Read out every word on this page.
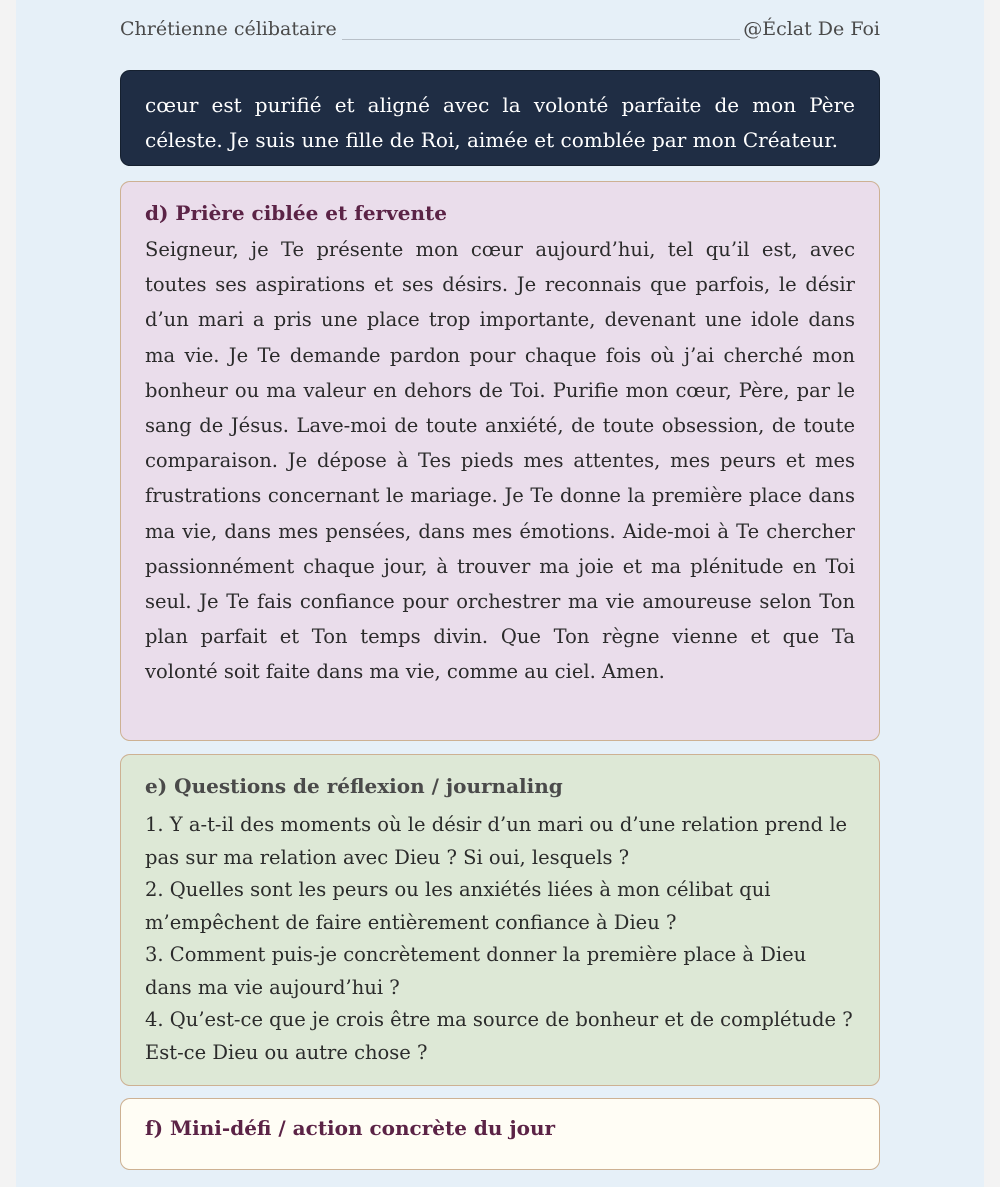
Chrétienne célibataire	@Éclat De Foi
cœur est purifié et aligné avec la volonté parfaite de mon Père céleste. Je suis une fille de Roi, aimée et comblée par mon Créateur.
d) Prière ciblée et fervente
Seigneur, je Te présente mon cœur aujourd’hui, tel qu’il est, avec toutes ses aspirations et ses désirs. Je reconnais que parfois, le désir d’un mari a pris une place trop importante, devenant une idole dans ma vie. Je Te demande pardon pour chaque fois où j’ai cherché mon bonheur ou ma valeur en dehors de Toi. Purifie mon cœur, Père, par le sang de Jésus. Lave-moi de toute anxiété, de toute obsession, de toute comparaison. Je dépose à Tes pieds mes attentes, mes peurs et mes frustrations concernant le mariage. Je Te donne la première place dans ma vie, dans mes pensées, dans mes émotions. Aide-moi à Te chercher passionnément chaque jour, à trouver ma joie et ma plénitude en Toi seul. Je Te fais confiance pour orchestrer ma vie amoureuse selon Ton plan parfait et Ton temps divin. Que Ton règne vienne et que Ta volonté soit faite dans ma vie, comme au ciel. Amen.
e) Questions de réflexion / journaling
1. Y a-t-il des moments où le désir d’un mari ou d’une relation prend le pas sur ma relation avec Dieu ? Si oui, lesquels ?
2. Quelles sont les peurs ou les anxiétés liées à mon célibat qui m’empêchent de faire entièrement confiance à Dieu ?
3. Comment puis-je concrètement donner la première place à Dieu dans ma vie aujourd’hui ?
4. Qu’est-ce que je crois être ma source de bonheur et de complétude ? Est-ce Dieu ou autre chose ?
f) Mini-défi / action concrète du jour
